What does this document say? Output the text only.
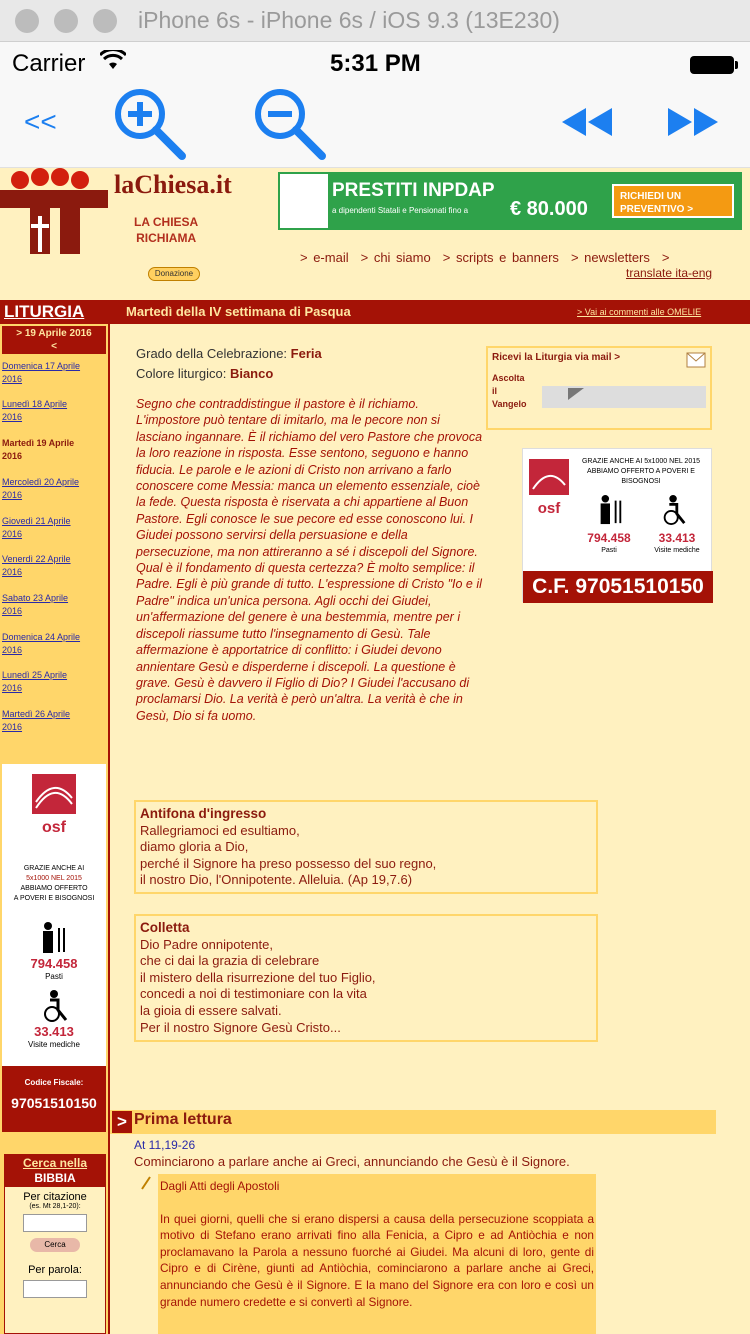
iPhone 6s - iPhone 6s / iOS 9.3 (13E230)
Carrier	5:31 PM
<<
laChiesa.it
LA CHIESA
RICHIAMA
Donazione
PRESTITI INPDAP
a dipendenti Statali e Pensionati fino a € 80.000
RICHIEDI UN PREVENTIVO >
> e-mail > chi siamo > scripts e banners > newsletters >
translate ita-eng
LITURGIA	Martedì della IV settimana di Pasqua	> Vai ai commenti alle OMELIE
> 19 Aprile 2016
<
Domenica 17 Aprile
2016
Lunedì 18 Aprile
2016
Martedì 19 Aprile
2016
Mercoledì 20 Aprile
2016
Giovedì 21 Aprile
2016
Venerdì 22 Aprile
2016
Sabato 23 Aprile
2016
Domenica 24 Aprile
2016
Lunedì 25 Aprile
2016
Martedì 26 Aprile
2016
osf
GRAZIE ANCHE AI
5x1000 NEL 2015
ABBIAMO OFFERTO
A POVERI E BISOGNOSI
794.458
Pasti
33.413
Visite mediche
Codice Fiscale:
97051510150
Cerca nella
BIBBIA
Per citazione
(es. Mt 28,1-20):
Cerca
Per parola:
Grado della Celebrazione: Feria
Colore liturgico: Bianco
Segno che contraddistingue il pastore è il richiamo. L'impostore può tentare di imitarlo, ma le pecore non si lasciano ingannare. È il richiamo del vero Pastore che provoca la loro reazione in risposta. Esse sentono, seguono e hanno fiducia. Le parole e le azioni di Cristo non arrivano a farlo conoscere come Messia: manca un elemento essenziale, cioè la fede. Questa risposta è riservata a chi appartiene al Buon Pastore. Egli conosce le sue pecore ed esse conoscono lui. I Giudei possono servirsi della persuasione e della persecuzione, ma non attireranno a sé i discepoli del Signore. Qual è il fondamento di questa certezza? È molto semplice: il Padre. Egli è più grande di tutto. L'espressione di Cristo "Io e il Padre" indica un'unica persona. Agli occhi dei Giudei, un'affermazione del genere è una bestemmia, mentre per i discepoli riassume tutto l'insegnamento di Gesù. Tale affermazione è apportatrice di conflitto: i Giudei devono annientare Gesù e disperderne i discepoli. La questione è grave. Gesù è davvero il Figlio di Dio? I Giudei l'accusano di proclamarsi Dio. La verità è però un'altra. La verità è che in Gesù, Dio si fa uomo.
Ricevi la Liturgia via mail >
Ascolta
il
Vangelo
osf
GRAZIE ANCHE AI 5x1000 NEL 2015 ABBIAMO OFFERTO A POVERI E BISOGNOSI
794.458
Pasti
33.413
Visite mediche
C.F. 97051510150
Antifona d'ingresso
Rallegriamoci ed esultiamo,
diamo gloria a Dio,
perché il Signore ha preso possesso del suo regno,
il nostro Dio, l'Onnipotente. Alleluia. (Ap 19,7.6)
Colletta
Dio Padre onnipotente,
che ci dai la grazia di celebrare
il mistero della risurrezione del tuo Figlio,
concedi a noi di testimoniare con la vita
la gioia di essere salvati.
Per il nostro Signore Gesù Cristo...
> Prima lettura
At 11,19-26
Cominciarono a parlare anche ai Greci, annunciando che Gesù è il Signore.
Dagli Atti degli Apostoli
In quei giorni, quelli che si erano dispersi a causa della persecuzione scoppiata a motivo di Stefano erano arrivati fino alla Fenicia, a Cipro e ad Antiòchia e non proclamavano la Parola a nessuno fuorché ai Giudei. Ma alcuni di loro, gente di Cipro e di Cirène, giunti ad Antiòchia, cominciarono a parlare anche ai Greci, annunciando che Gesù è il Signore. E la mano del Signore era con loro e così un grande numero credette e si convertì al Signore.
